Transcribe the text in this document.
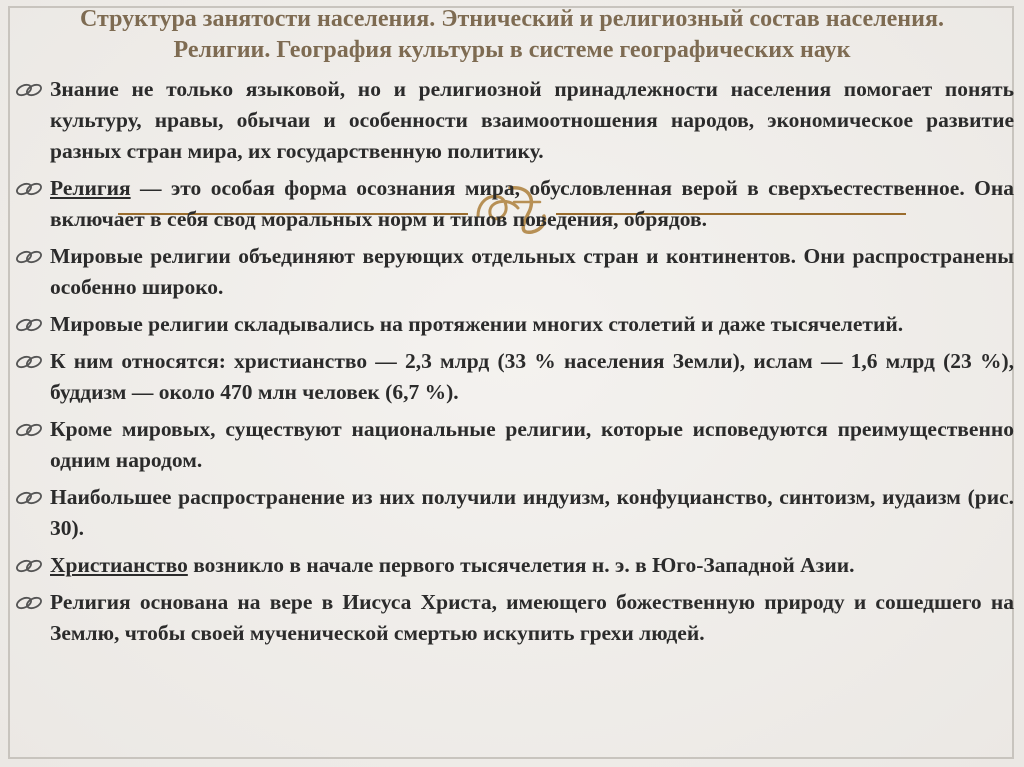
Структура занятости населения. Этнический и религиозный состав населения.
Религии. География культуры в системе географических наук
Знание не только языковой, но и религиозной принадлежности населения помогает понять культуру, нравы, обычаи и особенности взаимоотношения народов, экономическое развитие разных стран мира, их государственную политику.
Религия — это особая форма осознания мира, обусловленная верой в сверхъестественное. Она включает в себя свод моральных норм и типов поведения, обрядов.
Мировые религии объединяют верующих отдельных стран и континентов. Они распространены особенно широко.
Мировые религии складывались на протяжении многих столетий и даже тысячелетий.
К ним относятся: христианство — 2,3 млрд (33 % населения Земли), ислам — 1,6 млрд (23 %), буддизм — около 470 млн человек (6,7 %).
Кроме мировых, существуют национальные религии, которые исповедуются преимущественно одним народом.
Наибольшее распространение из них получили индуизм, конфуцианство, синтоизм, иудаизм (рис. 30).
Христианство возникло в начале первого тысячелетия н. э. в Юго-Западной Азии.
Религия основана на вере в Иисуса Христа, имеющего божественную природу и сошедшего на Землю, чтобы своей мученической смертью искупить грехи людей.
